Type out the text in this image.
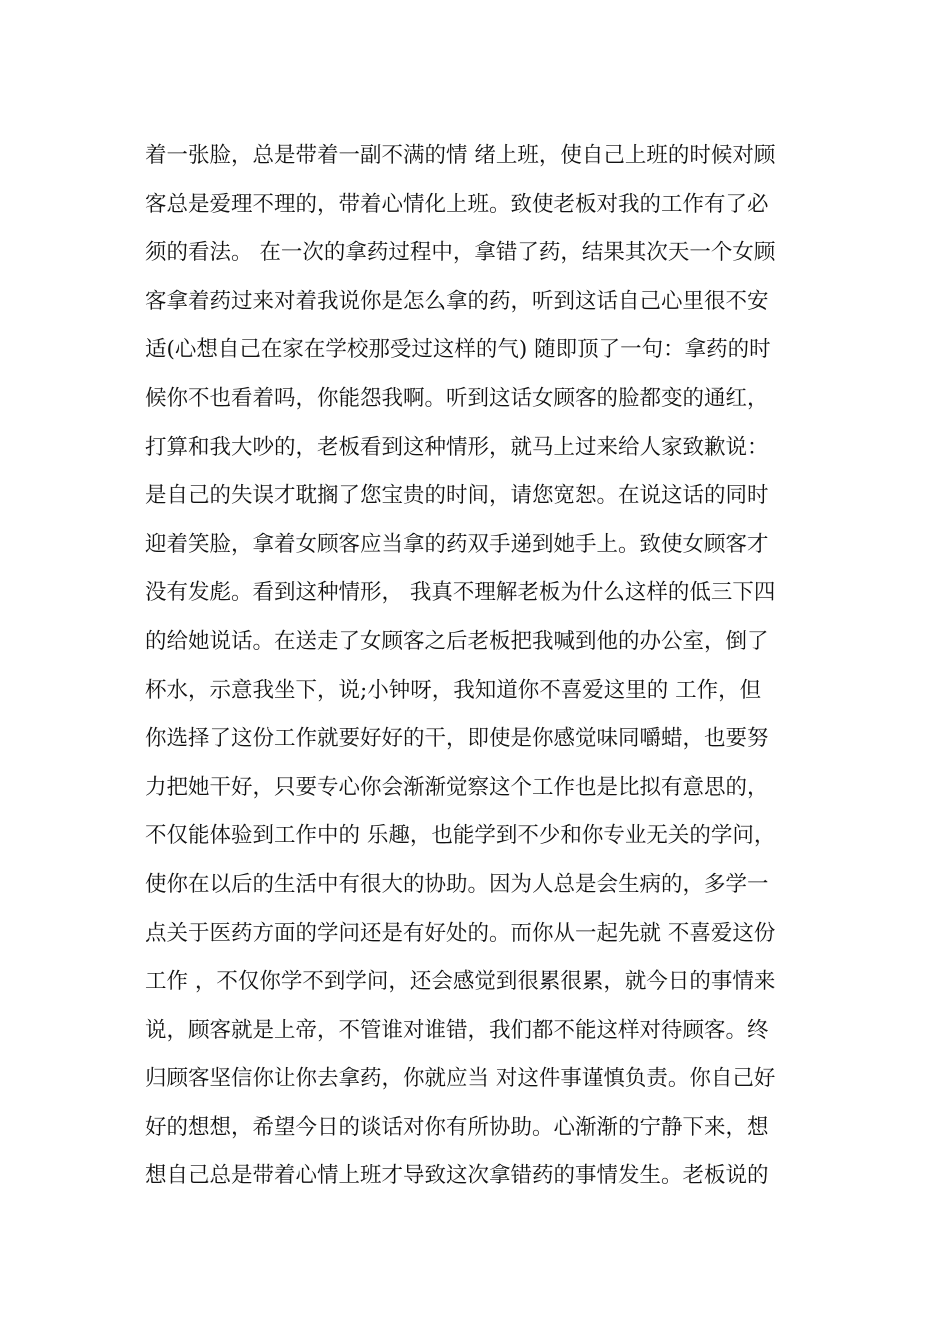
着一张脸，总是带着一副不满的情 绪上班，使自己上班的时候对顾
客总是爱理不理的，带着心情化上班。致使老板对我的工作有了必
须的看法。 在一次的拿药过程中，拿错了药，结果其次天一个女顾
客拿着药过来对着我说你是怎么拿的药，听到这话自己心里很不安
适(心想自己在家在学校那受过这样的气) 随即顶了一句：拿药的时
候你不也看着吗，你能怨我啊。听到这话女顾客的脸都变的通红，
打算和我大吵的，老板看到这种情形，就马上过来给人家致歉说：
是自己的失误才耽搁了您宝贵的时间，请您宽恕。在说这话的同时
迎着笑脸，拿着女顾客应当拿的药双手递到她手上。致使女顾客才
没有发彪。看到这种情形， 我真不理解老板为什么这样的低三下四
的给她说话。在送走了女顾客之后老板把我喊到他的办公室，倒了
杯水，示意我坐下，说;小钟呀，我知道你不喜爱这里的 工作，但
你选择了这份工作就要好好的干，即使是你感觉味同嚼蜡，也要努
力把她干好，只要专心你会渐渐觉察这个工作也是比拟有意思的，
不仅能体验到工作中的 乐趣，也能学到不少和你专业无关的学问，
使你在以后的生活中有很大的协助。因为人总是会生病的，多学一
点关于医药方面的学问还是有好处的。而你从一起先就 不喜爱这份
工作 ，不仅你学不到学问，还会感觉到很累很累，就今日的事情来
说，顾客就是上帝，不管谁对谁错，我们都不能这样对待顾客。终
归顾客坚信你让你去拿药，你就应当 对这件事谨慎负责。你自己好
好的想想，希望今日的谈话对你有所协助。心渐渐的宁静下来，想
想自己总是带着心情上班才导致这次拿错药的事情发生。老板说的
